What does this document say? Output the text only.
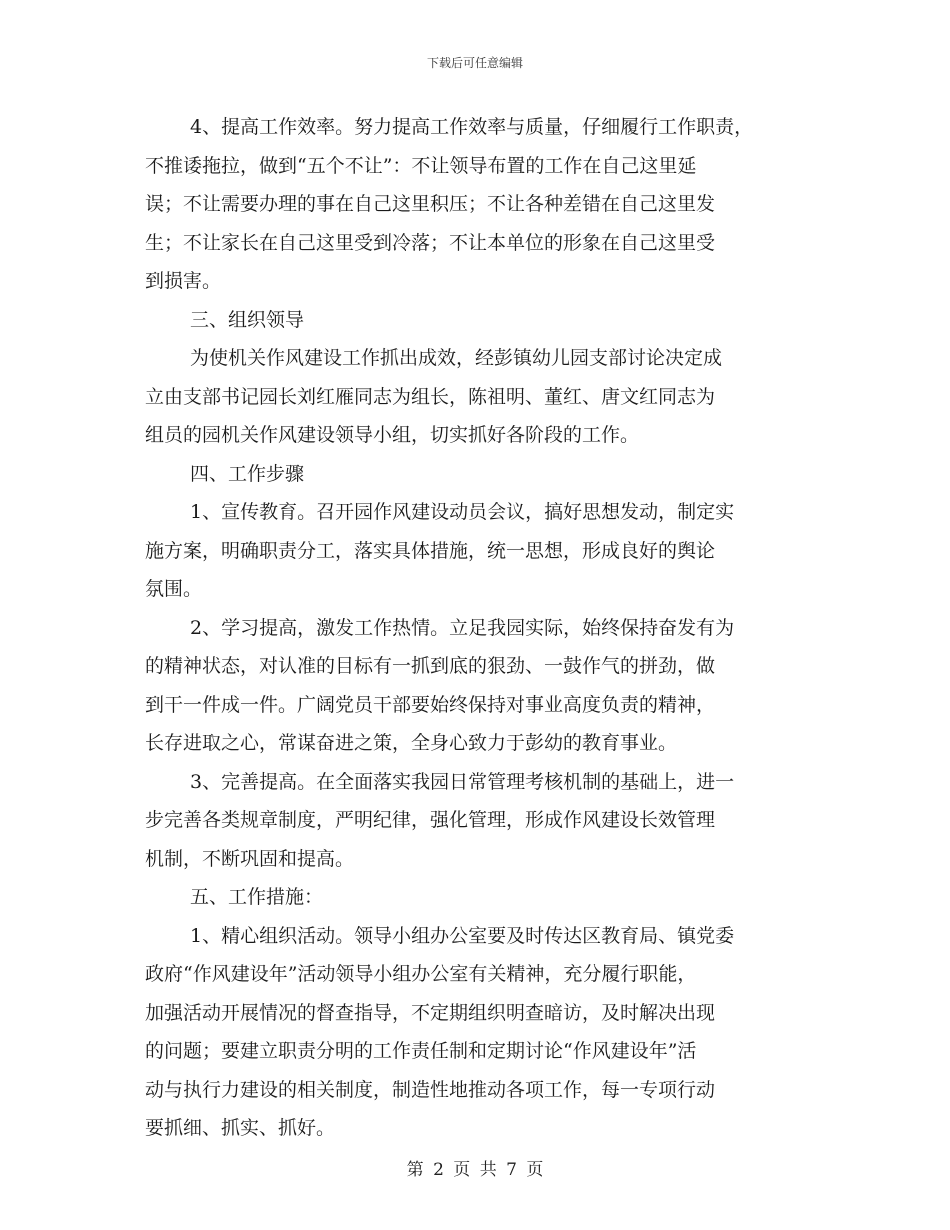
下载后可任意编辑
4、提高工作效率。努力提高工作效率与质量，仔细履行工作职责，
不推诿拖拉，做到“五个不让”：不让领导布置的工作在自己这里延
误；不让需要办理的事在自己这里积压；不让各种差错在自己这里发
生；不让家长在自己这里受到冷落；不让本单位的形象在自己这里受
到损害。
三、组织领导
为使机关作风建设工作抓出成效，经彭镇幼儿园支部讨论决定成
立由支部书记园长刘红雁同志为组长，陈祖明、董红、唐文红同志为
组员的园机关作风建设领导小组，切实抓好各阶段的工作。
四、工作步骤
1、宣传教育。召开园作风建设动员会议，搞好思想发动，制定实
施方案，明确职责分工，落实具体措施，统一思想，形成良好的舆论
氛围。
2、学习提高，激发工作热情。立足我园实际，始终保持奋发有为
的精神状态，对认准的目标有一抓到底的狠劲、一鼓作气的拼劲，做
到干一件成一件。广阔党员干部要始终保持对事业高度负责的精神，
长存进取之心，常谋奋进之策，全身心致力于彭幼的教育事业。
3、完善提高。在全面落实我园日常管理考核机制的基础上，进一
步完善各类规章制度，严明纪律，强化管理，形成作风建设长效管理
机制，不断巩固和提高。
五、工作措施：
1、精心组织活动。领导小组办公室要及时传达区教育局、镇党委
政府“作风建设年”活动领导小组办公室有关精神，充分履行职能，
加强活动开展情况的督查指导，不定期组织明查暗访，及时解决出现
的问题；要建立职责分明的工作责任制和定期讨论“作风建设年”活
动与执行力建设的相关制度，制造性地推动各项工作，每一专项行动
要抓细、抓实、抓好。
第 2 页 共 7 页
